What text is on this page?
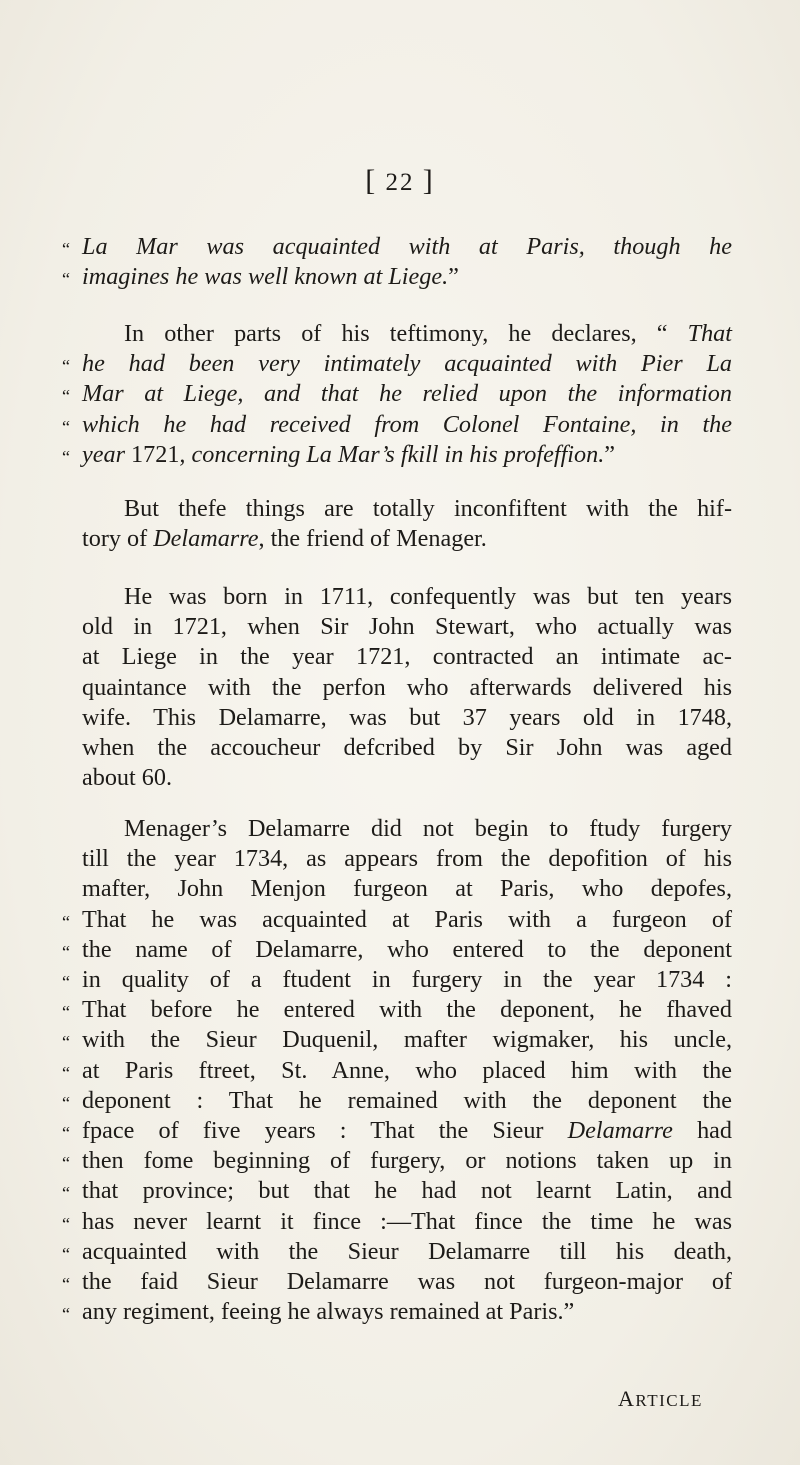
[ 22 ]
“ La Mar was acquainted with at Paris, though he
“ imagines he was well known at Liege.”
In other parts of his teftimony, he declares, “ That
“ he had been very intimately acquainted with Pier La
“ Mar at Liege, and that he relied upon the information
“ which he had received from Colonel Fontaine, in the
“ year 1721, concerning La Mar’s fkill in his profeffion.”
But thefe things are totally inconfiftent with the hif-
tory of Delamarre, the friend of Menager.
He was born in 1711, confequently was but ten years
old in 1721, when Sir John Stewart, who actually was
at Liege in the year 1721, contracted an intimate ac-
quaintance with the perfon who afterwards delivered his
wife. This Delamarre, was but 37 years old in 1748,
when the accoucheur defcribed by Sir John was aged
about 60.
Menager’s Delamarre did not begin to ftudy furgery
till the year 1734, as appears from the depofition of his
mafter, John Menjon furgeon at Paris, who depofes,
“ That he was acquainted at Paris with a furgeon of
“ the name of Delamarre, who entered to the deponent
“ in quality of a ftudent in furgery in the year 1734 :
“ That before he entered with the deponent, he fhaved
“ with the Sieur Duquenil, mafter wigmaker, his uncle,
“ at Paris ftreet, St. Anne, who placed him with the
“ deponent : That he remained with the deponent the
“ fpace of five years : That the Sieur Delamarre had
“ then fome beginning of furgery, or notions taken up in
“ that province; but that he had not learnt Latin, and
“ has never learnt it fince :—That fince the time he was
“ acquainted with the Sieur Delamarre till his death,
“ the faid Sieur Delamarre was not furgeon-major of
“ any regiment, feeing he always remained at Paris.”
ARTICLE
